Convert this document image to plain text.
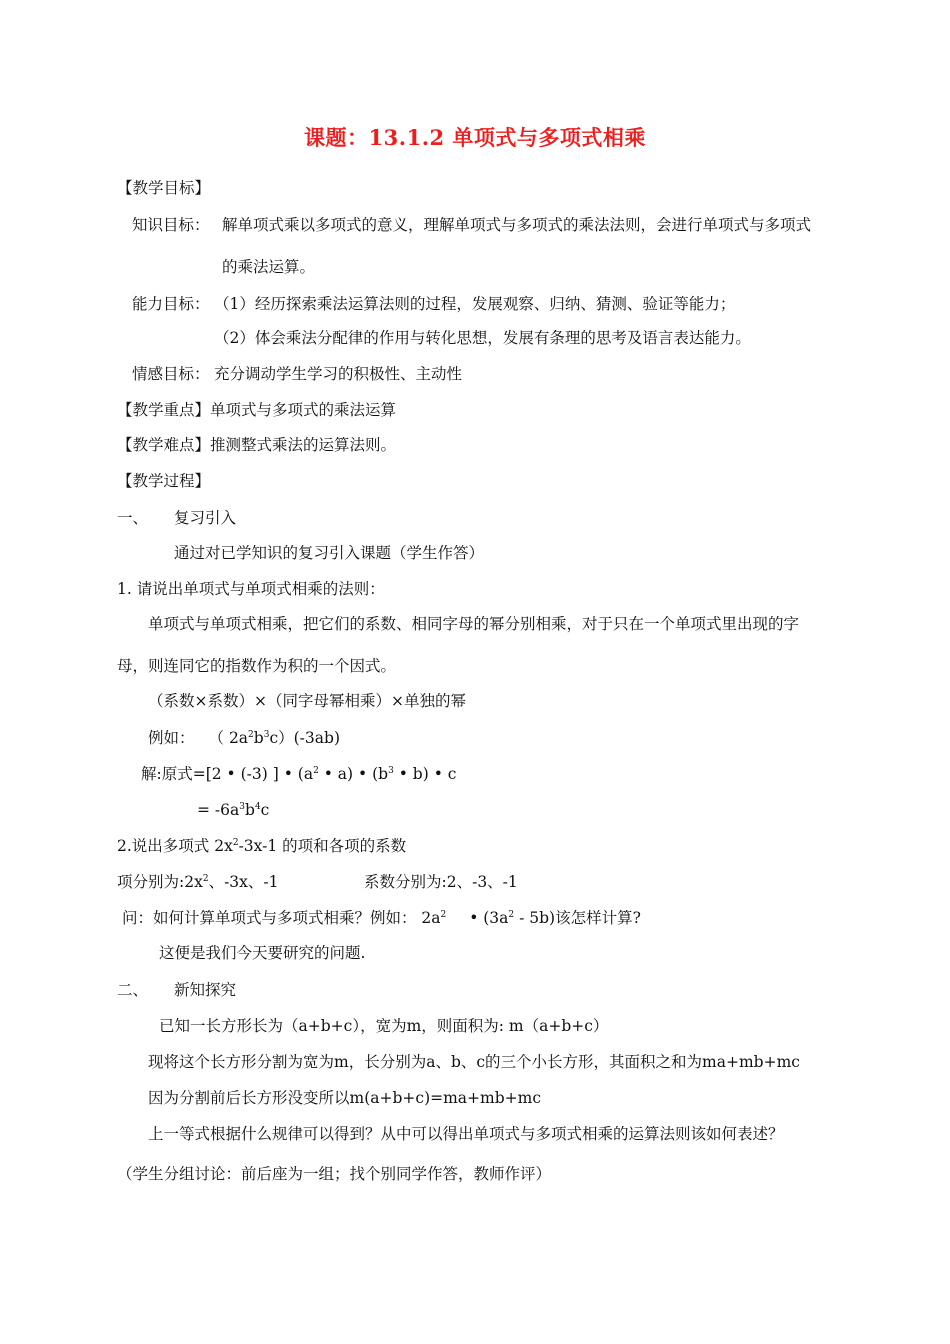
课题：13.1.2 单项式与多项式相乘
【教学目标】
知识目标： 解单项式乘以多项式的意义，理解单项式与多项式的乘法法则，会进行单项式与多项式
的乘法运算。
能力目标： （1）经历探索乘法运算法则的过程，发展观察、归纳、猜测、验证等能力；
（2）体会乘法分配律的作用与转化思想，发展有条理的思考及语言表达能力。
情感目标： 充分调动学生学习的积极性、主动性
【教学重点】单项式与多项式的乘法运算
【教学难点】推测整式乘法的运算法则。
【教学过程】
一、 复习引入
通过对已学知识的复习引入课题（学生作答）
1. 请说出单项式与单项式相乘的法则：
单项式与单项式相乘，把它们的系数、相同字母的幂分别相乘，对于只在一个单项式里出现的字
母，则连同它的指数作为积的一个因式。
（系数×系数）×（同字母幂相乘）×单独的幂
例如： （ $2a^2b^3c)(-3ab)$
解:原式=[2 • (-3) ] • ($a^2$ • a) • ($b^3$ • b) • c
= $-6a^3b^4c$
2.说出多项式 $2x^2-3x-1$ 的项和各项的系数
项分别为$:2x^2$、-3x、-1	系数分别为:2、-3、-1
问：如何计算单项式与多项式相乘？例如： $2a^2$ • $(3a^2 - 5b)$该怎样计算?
这便是我们今天要研究的问题.
二、 新知探究
已知一长方形长为（a+b+c），宽为m，则面积为: m（a+b+c）
现将这个长方形分割为宽为m，长分别为a、b、c的三个小长方形，其面积之和为ma+mb+mc
因为分割前后长方形没变所以m(a+b+c)=ma+mb+mc
上一等式根据什么规律可以得到？从中可以得出单项式与多项式相乘的运算法则该如何表述？
（学生分组讨论：前后座为一组；找个别同学作答，教师作评）
